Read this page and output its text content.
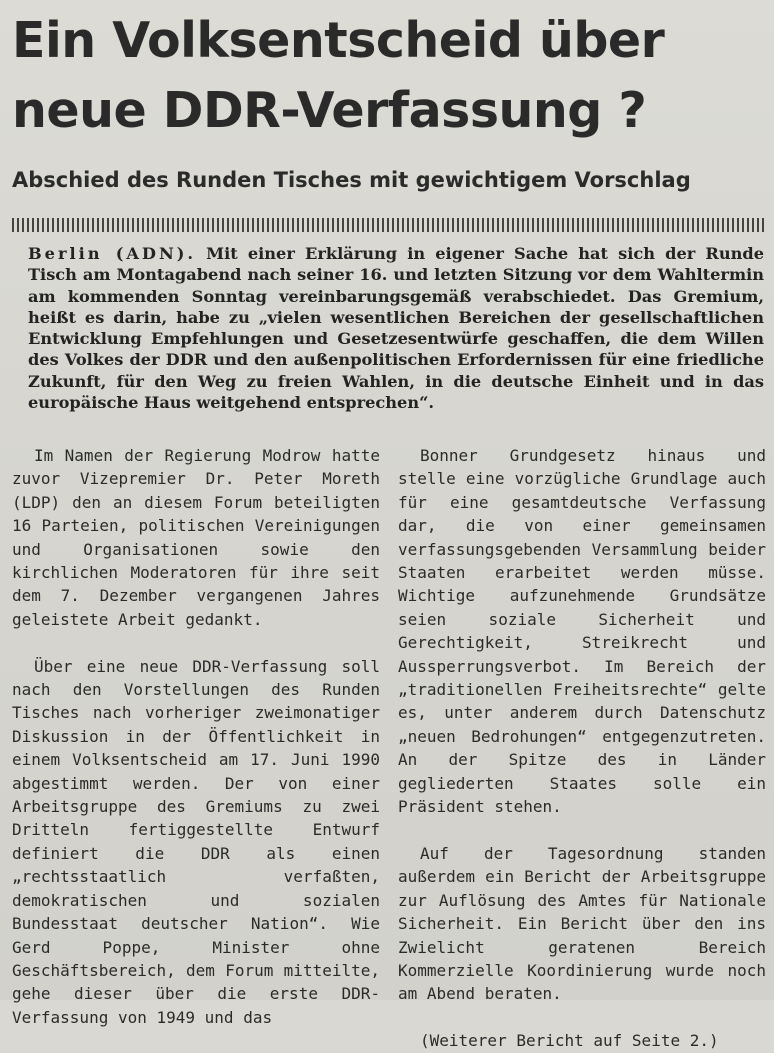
Ein Volksentscheid über
neue DDR-Verfassung ?
Abschied des Runden Tisches mit gewichtigem Vorschlag
Berlin (ADN). Mit einer Erklärung in eigener Sache hat sich der Runde Tisch am Montagabend nach seiner 16. und letzten Sitzung vor dem Wahltermin am kommenden Sonntag vereinbarungsgemäß verabschiedet. Das Gremium, heißt es darin, habe zu „vielen wesentlichen Bereichen der gesellschaftlichen Entwicklung Empfehlungen und Gesetzesentwürfe geschaffen, die dem Willen des Volkes der DDR und den außenpolitischen Erfordernissen für eine friedliche Zukunft, für den Weg zu freien Wahlen, in die deutsche Einheit und in das europäische Haus weitgehend entsprechen“.

Im Namen der Regierung Modrow hatte zuvor Vizepremier Dr. Peter Moreth (LDP) den an diesem Forum beteiligten 16 Parteien, politischen Vereinigungen und Organisationen sowie den kirchlichen Moderatoren für ihre seit dem 7. Dezember vergangenen Jahres geleistete Arbeit gedankt.

Über eine neue DDR-Verfassung soll nach den Vorstellungen des Runden Tisches nach vorheriger zweimonatiger Diskussion in der Öffentlichkeit in einem Volksentscheid am 17. Juni 1990 abgestimmt werden. Der von einer Arbeitsgruppe des Gremiums zu zwei Dritteln fertiggestellte Entwurf definiert die DDR als einen „rechtsstaatlich verfaßten, demokratischen und sozialen Bundesstaat deutscher Nation“. Wie Gerd Poppe, Minister ohne Geschäftsbereich, dem Forum mitteilte, gehe dieser über die erste DDR-Verfassung von 1949 und das

Bonner Grundgesetz hinaus und stelle eine vorzügliche Grundlage auch für eine gesamtdeutsche Verfassung dar, die von einer gemeinsamen verfassungsgebenden Versammlung beider Staaten erarbeitet werden müsse. Wichtige aufzunehmende Grundsätze seien soziale Sicherheit und Gerechtigkeit, Streikrecht und Aussperrungsverbot. Im Bereich der „traditionellen Freiheitsrechte“ gelte es, unter anderem durch Datenschutz „neuen Bedrohungen“ entgegenzutreten. An der Spitze des in Länder gegliederten Staates solle ein Präsident stehen.

Auf der Tagesordnung standen außerdem ein Bericht der Arbeitsgruppe zur Auflösung des Amtes für Nationale Sicherheit. Ein Bericht über den ins Zwielicht geratenen Bereich Kommerzielle Koordinierung wurde noch am Abend beraten.

(Weiterer Bericht auf Seite 2.)
